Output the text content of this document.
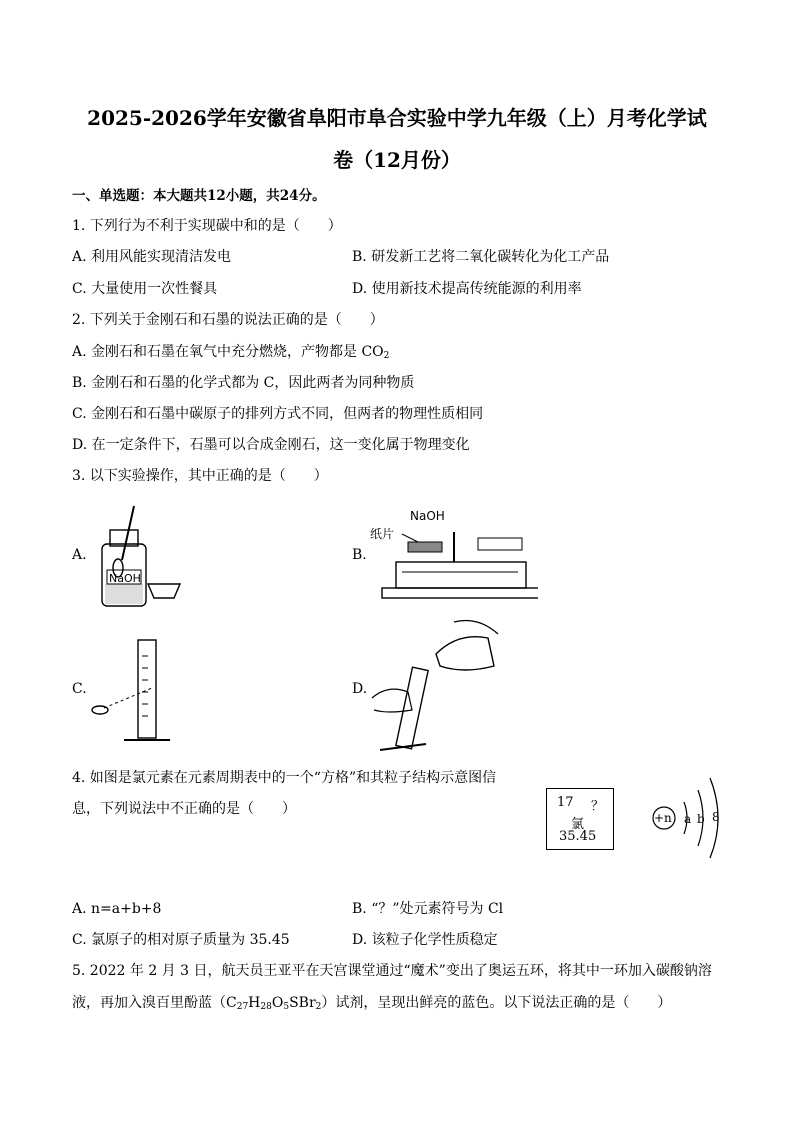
2025-2026学年安徽省阜阳市阜合实验中学九年级（上）月考化学试
卷（12月份）
一、单选题：本大题共12小题，共24分。
1. 下列行为不利于实现碳中和的是（　　）
A. 利用风能实现清洁发电	B. 研发新工艺将二氧化碳转化为化工产品
C. 大量使用一次性餐具	D. 使用新技术提高传统能源的利用率
2. 下列关于金刚石和石墨的说法正确的是（　　）
A. 金刚石和石墨在氧气中充分燃烧，产物都是 $CO_2$
B. 金刚石和石墨的化学式都为 C，因此两者为同种物质
C. 金刚石和石墨中碳原子的排列方式不同，但两者的物理性质相同
D. 在一定条件下，石墨可以合成金刚石，这一变化属于物理变化
3. 以下实验操作，其中正确的是（　　）
A.
NaOH
B.
NaOH
纸片
C.	D.
4. 如图是氯元素在元素周期表中的一个“方格”和其粒子结构示意图信
息，下列说法中不正确的是（　　）	17 ？
氯
35.45
+n a b 8
A. n=a+b+8	B. “？”处元素符号为 Cl
C. 氯原子的相对原子质量为 35.45	D. 该粒子化学性质稳定
5. 2022 年 2 月 3 日，航天员王亚平在天宫课堂通过“魔术”变出了奥运五环，将其中一环加入碳酸钠溶
液，再加入溴百里酚蓝$(C_{27}H_{28}O_5SBr_2)$试剂，呈现出鲜亮的蓝色。以下说法正确的是（　　）
